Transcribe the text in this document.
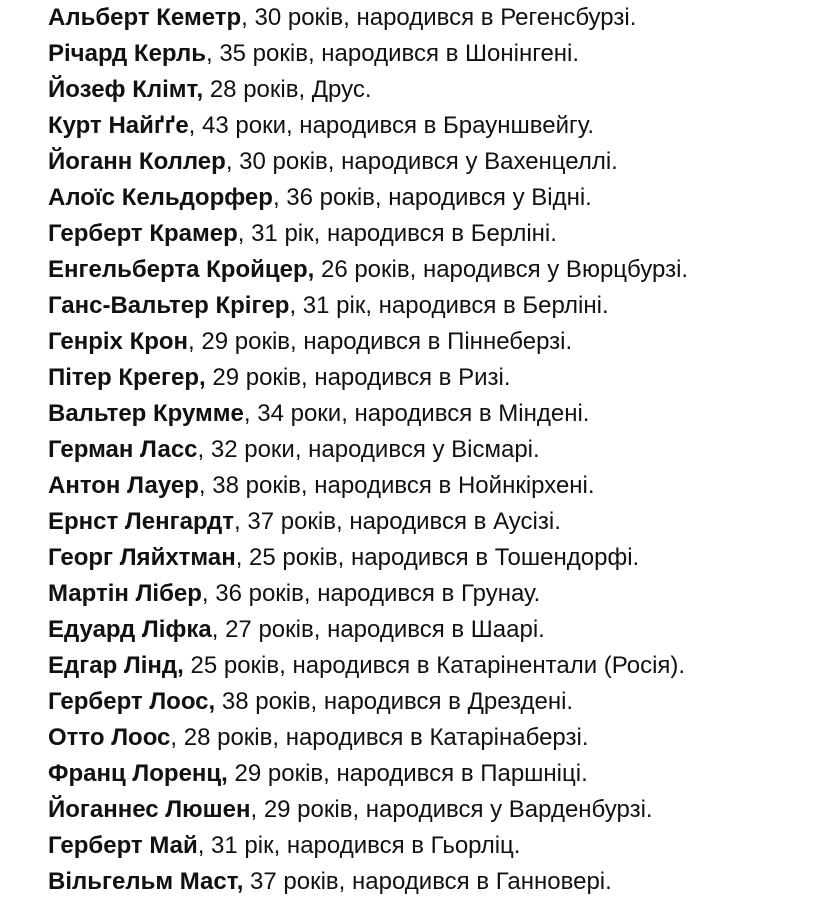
Альберт Кеметр, 30 років, народився в Регенсбурзі.
Річард Керль, 35 років, народився в Шонінгені.
Йозеф Клімт, 28 років, Друс.
Курт Найґґе, 43 роки, народився в Брауншвейгу.
Йоганн Коллер, 30 років, народився у Вахенцеллі.
Алоїс Кельдорфер, 36 років, народився у Відні.
Герберт Крамер, 31 рік, народився в Берліні.
Енгельберта Кройцер, 26 років, народився у Вюрцбурзі.
Ганс-Вальтер Крігер, 31 рік, народився в Берліні.
Генріх Крон, 29 років, народився в Піннеберзі.
Пітер Крегер, 29 років, народився в Ризі.
Вальтер Крумме, 34 роки, народився в Міндені.
Герман Ласс, 32 роки, народився у Вісмарі.
Антон Лауер, 38 років, народився в Нойнкірхені.
Ернст Ленгардт, 37 років, народився в Аусізі.
Георг Ляйхтман, 25 років, народився в Тошендорфі.
Мартін Лібер, 36 років, народився в Грунау.
Едуард Ліфка, 27 років, народився в Шаарі.
Едгар Лінд, 25 років, народився в Катарінентали (Росія).
Герберт Лоос, 38 років, народився в Дрездені.
Отто Лоос, 28 років, народився в Катарінаберзі.
Франц Лоренц, 29 років, народився в Паршніці.
Йоганнес Люшен, 29 років, народився у Варденбурзі.
Герберт Май, 31 рік, народився в Гьорліц.
Вільгельм Маст, 37 років, народився в Ганновері.
